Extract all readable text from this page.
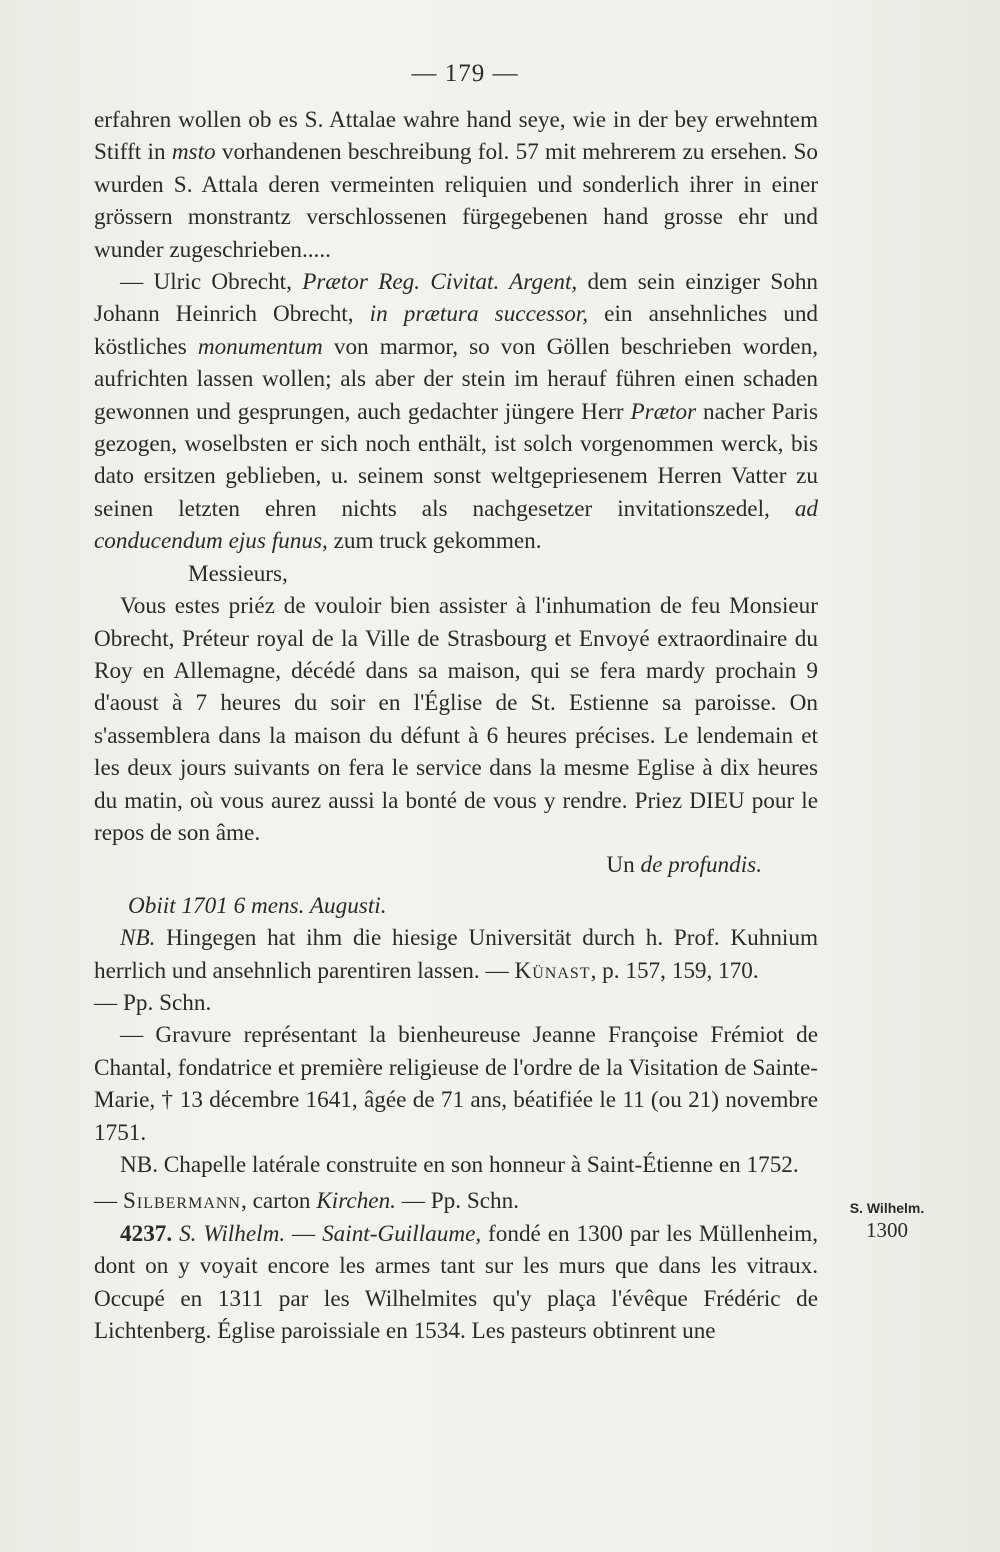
— 179 —

erfahren wollen ob es S. Attalae wahre hand seye, wie in der bey erwehntem Stifft in msto vorhandenen beschreibung fol. 57 mit mehrerem zu ersehen. So wurden S. Attala deren vermeinten reliquien und sonderlich ihrer in einer grössern monstrantz verschlossenen fürgegebenen hand grosse ehr und wunder zugeschrieben.....

— Ulric Obrecht, Prætor Reg. Civitat. Argent, dem sein einziger Sohn Johann Heinrich Obrecht, in prætura successor, ein ansehnliches und köstliches monumentum von marmor, so von Göllen beschrieben worden, aufrichten lassen wollen; als aber der stein im herauf führen einen schaden gewonnen und gesprungen, auch gedachter jüngere Herr Prætor nacher Paris gezogen, woselbsten er sich noch enthält, ist solch vorgenommen werck, bis dato ersitzen geblieben, u. seinem sonst weltgepriesenem Herren Vatter zu seinen letzten ehren nichts als nachgesetzer invitationszedel, ad conducendum ejus funus, zum truck gekommen.

Messieurs,

Vous estes priéz de vouloir bien assister à l'inhumation de feu Monsieur Obrecht, Préteur royal de la Ville de Strasbourg et Envoyé extraordinaire du Roy en Allemagne, décédé dans sa maison, qui se fera mardy prochain 9 d'aoust à 7 heures du soir en l'Église de St. Estienne sa paroisse. On s'assemblera dans la maison du défunt à 6 heures précises. Le lendemain et les deux jours suivants on fera le service dans la mesme Eglise à dix heures du matin, où vous aurez aussi la bonté de vous y rendre. Priez DIEU pour le repos de son âme.

Un de profundis.

Obiit 1701 6 mens. Augusti.

NB. Hingegen hat ihm die hiesige Universität durch h. Prof. Kuhnium herrlich und ansehnlich parentiren lassen. — Künast, p. 157, 159, 170.

— Pp. Schn.

— Gravure représentant la bienheureuse Jeanne Françoise Frémiot de Chantal, fondatrice et première religieuse de l'ordre de la Visitation de Sainte-Marie, † 13 décembre 1641, âgée de 71 ans, béatifiée le 11 (ou 21) novembre 1751.

NB. Chapelle latérale construite en son honneur à Saint-Étienne en 1752.

— Silbermann, carton Kirchen. — Pp. Schn.

4237. S. Wilhelm. — Saint-Guillaume, fondé en 1300 par les Müllenheim, dont on y voyait encore les armes tant sur les murs que dans les vitraux. Occupé en 1311 par les Wilhelmites qu'y plaça l'évêque Frédéric de Lichtenberg. Église paroissiale en 1534. Les pasteurs obtinrent une

S. Wilhelm.
1300
